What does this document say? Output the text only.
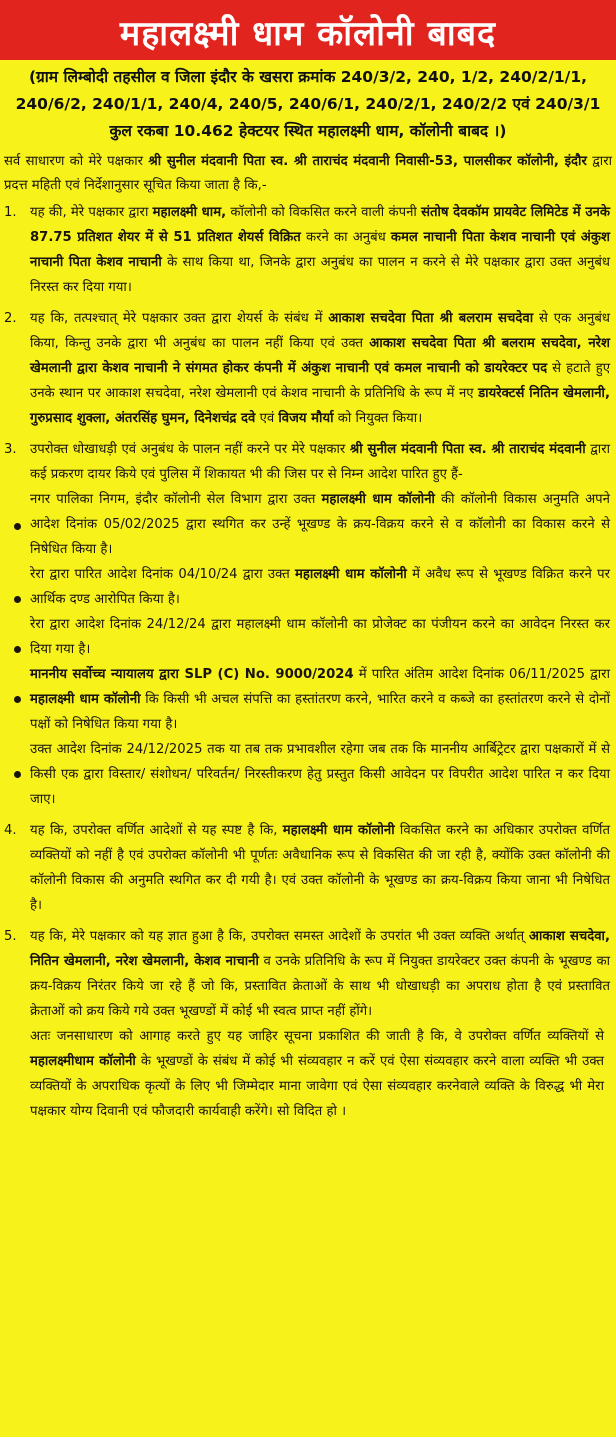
महालक्ष्मी धाम कॉलोनी बाबद
(ग्राम लिम्बोदी तहसील व जिला इंदौर के खसरा क्रमांक 240/3/2, 240, 1/2, 240/2/1/1, 240/6/2, 240/1/1, 240/4, 240/5, 240/6/1, 240/2/1, 240/2/2 एवं 240/3/1 कुल रकबा 10.462 हेक्टयर स्थित महालक्ष्मी धाम, कॉलोनी बाबद ।)
सर्व साधारण को मेरे पक्षकार श्री सुनील मंदवानी पिता स्व. श्री ताराचंद मंदवानी निवासी-53, पालसीकर कॉलोनी, इंदौर द्वारा प्रदत्त महिती एवं निर्देशानुसार सूचित किया जाता है कि,-
1.	यह की, मेरे पक्षकार द्वारा महालक्ष्मी धाम, कॉलोनी को विकसित करने वाली कंपनी संतोष देवकॉम प्रायवेट लिमिटेड में उनके 87.75 प्रतिशत शेयर में से 51 प्रतिशत शेयर्स विक्रित करने का अनुबंध कमल नाचानी पिता केशव नाचानी एवं अंकुश नाचानी पिता केशव नाचानी के साथ किया था, जिनके द्वारा अनुबंध का पालन न करने से मेरे पक्षकार द्वारा उक्त अनुबंध निरस्त कर दिया गया।
2.	यह कि, तत्पश्चात् मेरे पक्षकार उक्त द्वारा शेयर्स के संबंध में आकाश सचदेवा पिता श्री बलराम सचदेवा से एक अनुबंध किया, किन्तु उनके द्वारा भी अनुबंध का पालन नहीं किया एवं उक्त आकाश सचदेवा पिता श्री बलराम सचदेवा, नरेश खेमलानी द्वारा केशव नाचानी ने संगमत होकर कंपनी में अंकुश नाचानी एवं कमल नाचानी को डायरेक्टर पद से हटाते हुए उनके स्थान पर आकाश सचदेवा, नरेश खेमलानी एवं केशव नाचानी के प्रतिनिधि के रूप में नए डायरेक्टर्स नितिन खेमलानी, गुरुप्रसाद शुक्ला, अंतरसिंह घुमन, दिनेशचंद्र दवे एवं विजय मौर्या को नियुक्त किया।
3.	उपरोक्त धोखाधड़ी एवं अनुबंध के पालन नहीं करने पर मेरे पक्षकार श्री सुनील मंदवानी पिता स्व. श्री ताराचंद मंदवानी द्वारा कई प्रकरण दायर किये एवं पुलिस में शिकायत भी की जिस पर से निम्न आदेश पारित हुए हैं-
नगर पालिका निगम, इंदौर कॉलोनी सेल विभाग द्वारा उक्त महालक्ष्मी धाम कॉलोनी की कॉलोनी विकास अनुमति अपने आदेश दिनांक 05/02/2025 द्वारा स्थगित कर उन्हें भूखण्ड के क्रय-विक्रय करने से व कॉलोनी का विकास करने से निषेधित किया है।
रेरा द्वारा पारित आदेश दिनांक 04/10/24 द्वारा उक्त महालक्ष्मी धाम कॉलोनी में अवैध रूप से भूखण्ड विक्रित करने पर आर्थिक दण्ड आरोपित किया है।
रेरा द्वारा आदेश दिनांक 24/12/24 द्वारा महालक्ष्मी धाम कॉलोनी का प्रोजेक्ट का पंजीयन करने का आवेदन निरस्त कर दिया गया है।
माननीय सर्वोच्च न्यायालय द्वारा SLP (C) No. 9000/2024 में पारित अंतिम आदेश दिनांक 06/11/2025 द्वारा महालक्ष्मी धाम कॉलोनी कि किसी भी अचल संपत्ति का हस्तांतरण करने, भारित करने व कब्जे का हस्तांतरण करने से दोनों पक्षों को निषेधित किया गया है।
उक्त आदेश दिनांक 24/12/2025 तक या तब तक प्रभावशील रहेगा जब तक कि माननीय आर्बिट्रेटर द्वारा पक्षकारों में से किसी एक द्वारा विस्तार/ संशोधन/ परिवर्तन/ निरस्तीकरण हेतु प्रस्तुत किसी आवेदन पर विपरीत आदेश पारित न कर दिया जाए।
4.	यह कि, उपरोक्त वर्णित आदेशों से यह स्पष्ट है कि, महालक्ष्मी धाम कॉलोनी विकसित करने का अधिकार उपरोक्त वर्णित व्यक्तियों को नहीं है एवं उपरोक्त कॉलोनी भी पूर्णतः अवैधानिक रूप से विकसित की जा रही है, क्योंकि उक्त कॉलोनी की कॉलोनी विकास की अनुमति स्थगित कर दी गयी है। एवं उक्त कॉलोनी के भूखण्ड का क्रय-विक्रय किया जाना भी निषेधित है।
5.	यह कि, मेरे पक्षकार को यह ज्ञात हुआ है कि, उपरोक्त समस्त आदेशों के उपरांत भी उक्त व्यक्ति अर्थात् आकाश सचदेवा, नितिन खेमलानी, नरेश खेमलानी, केशव नाचानी व उनके प्रतिनिधि के रूप में नियुक्त डायरेक्टर उक्त कंपनी के भूखण्ड का क्रय-विक्रय निरंतर किये जा रहे हैं जो कि, प्रस्तावित क्रेताओं के साथ भी धोखाधड़ी का अपराध होता है एवं प्रस्तावित क्रेताओं को क्रय किये गये उक्त भूखण्डों में कोई भी स्वत्व प्राप्त नहीं होंगे।
अतः जनसाधारण को आगाह करते हुए यह जाहिर सूचना प्रकाशित की जाती है कि, वे उपरोक्त वर्णित व्यक्तियों से महालक्ष्मीधाम कॉलोनी के भूखण्डों के संबंध में कोई भी संव्यवहार न करें एवं ऐसा संव्यवहार करने वाला व्यक्ति भी उक्त व्यक्तियों के अपराधिक कृत्यों के लिए भी जिम्मेदार माना जावेगा एवं ऐसा संव्यवहार करनेवाले व्यक्ति के विरुद्ध भी मेरा पक्षकार योग्य दिवानी एवं फौजदारी कार्यवाही करेंगे। सो विदित हो ।
